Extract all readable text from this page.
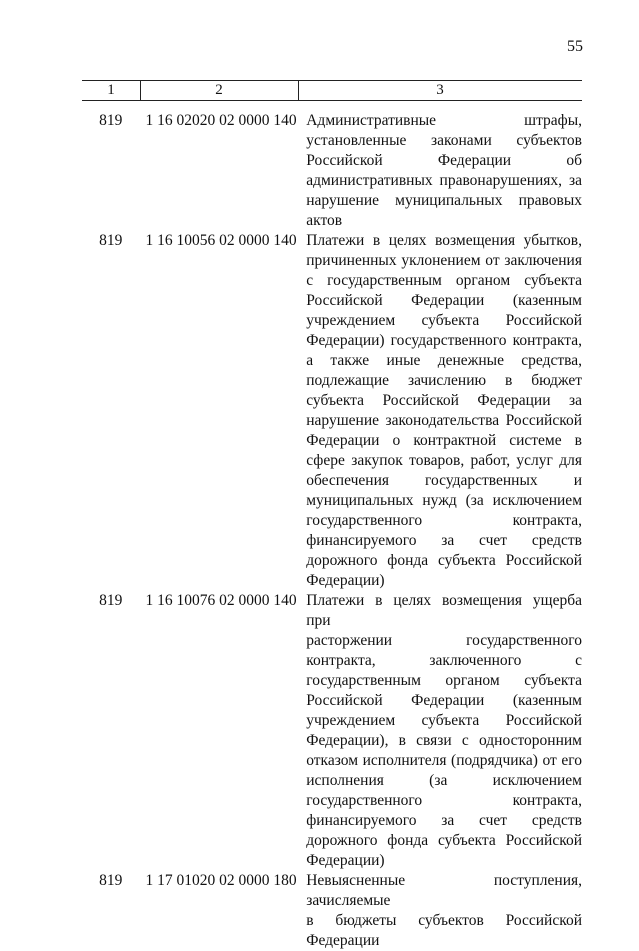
55
1	2	3
819	1 16 02020 02 0000 140 Административные штрафы,
установленные законами субъектов
Российской Федерации об
административных правонарушениях, за
нарушение муниципальных правовых
актов
819	1 16 10056 02 0000 140 Платежи в целях возмещения убытков,
причиненных уклонением от заключения
с государственным органом субъекта
Российской Федерации (казенным
учреждением субъекта Российской
Федерации) государственного контракта,
а также иные денежные средства,
подлежащие зачислению в бюджет
субъекта Российской Федерации за
нарушение законодательства Российской
Федерации о контрактной системе в
сфере закупок товаров, работ, услуг для
обеспечения государственных и
муниципальных нужд (за исключением
государственного контракта,
финансируемого за счет средств
дорожного фонда субъекта Российской
Федерации)
819	1 16 10076 02 0000 140 Платежи в целях возмещения ущерба при
расторжении государственного
контракта, заключенного с
государственным органом субъекта
Российской Федерации (казенным
учреждением субъекта Российской
Федерации), в связи с односторонним
отказом исполнителя (подрядчика) от его
исполнения (за исключением
государственного контракта,
финансируемого за счет средств
дорожного фонда субъекта Российской
Федерации)
819	1 17 01020 02 0000 180 Невыясненные поступления, зачисляемые
в бюджеты субъектов Российской
Федерации
